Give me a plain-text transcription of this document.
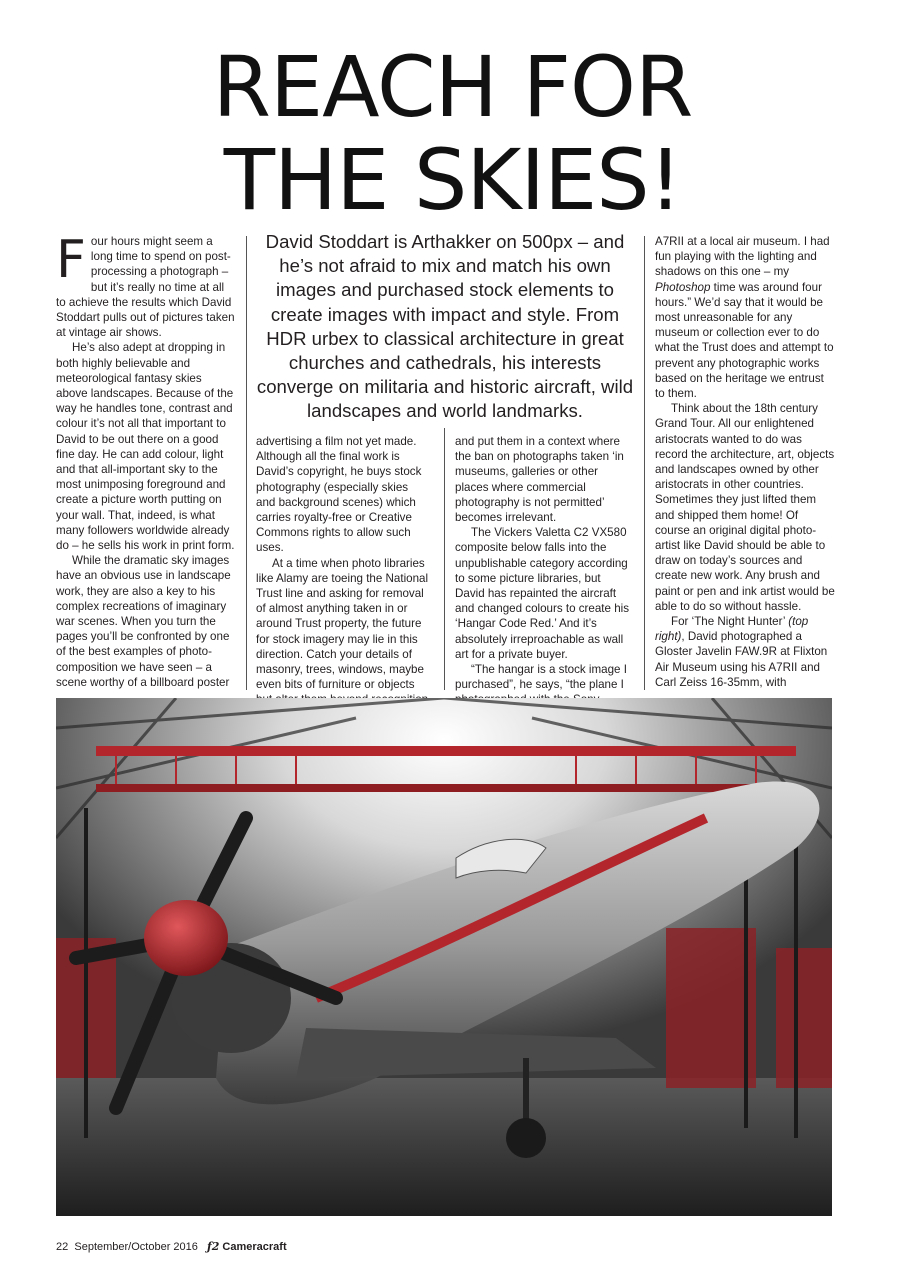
REACH FOR
THE SKIES!

Four hours might seem a long time to spend on post-processing a photograph – but it’s really no time at all to achieve the results which David Stoddart pulls out of pictures taken at vintage air shows.

He’s also adept at dropping in both highly believable and meteorological fantasy skies above landscapes. Because of the way he handles tone, contrast and colour it’s not all that important to David to be out there on a good fine day. He can add colour, light and that all-important sky to the most unimposing foreground and create a picture worth putting on your wall. That, indeed, is what many followers worldwide already do – he sells his work in print form.

While the dramatic sky images have an obvious use in landscape work, they are also a key to his complex recreations of imaginary war scenes. When you turn the pages you’ll be confronted by one of the best examples of photo-composition we have seen – a scene worthy of a billboard poster

David Stoddart is Arthakker on 500px – and he’s not afraid to mix and match his own images and purchased stock elements to create images with impact and style. From HDR urbex to classical architecture in great churches and cathedrals, his interests converge on militaria and historic aircraft, wild landscapes and world landmarks.

advertising a film not yet made. Although all the final work is David’s copyright, he buys stock photography (especially skies and background scenes) which carries royalty-free or Creative Commons rights to allow such uses.

At a time when photo libraries like Alamy are toeing the National Trust line and asking for removal of almost anything taken in or around Trust property, the future for stock imagery may lie in this direction. Catch your details of masonry, trees, windows, maybe even bits of furniture or objects

and put them in a context where the ban on photographs taken ‘in museums, galleries or other places where commercial photography is not permitted’ becomes irrelevant.

The Vickers Valetta C2 VX580 composite below falls into the unpublishable category according to some picture libraries, but David has repainted the aircraft and changed colours to create his ‘Hangar Code Red.’ And it’s absolutely irreproachable as wall art for a private buyer.

“The hangar is a stock image I purchased”, he says, “the plane I

A7RII at a local air museum. I had fun playing with the lighting and shadows on this one – my Photoshop time was around four hours.” We’d say that it would be most unreasonable for any museum or collection ever to do what the Trust does and attempt to prevent any photographic works based on the heritage we entrust to them.

Think about the 18th century Grand Tour. All our enlightened aristocrats wanted to do was record the architecture, art, objects and landscapes owned by other aristocrats in other countries. Sometimes they just lifted them and shipped them home! Of course an original digital photo-artist like David should be able to draw on today’s sources and create new work. Any brush and paint or pen and ink artist would be able to do so without hassle.

For ‘The Night Hunter’ (top right), David photographed a Gloster Javelin FAW.9R at Flixton Air Museum using his A7RII and Carl Zeiss 16-35mm, with

22 September/October 2016 ƒ2 Cameracraft
